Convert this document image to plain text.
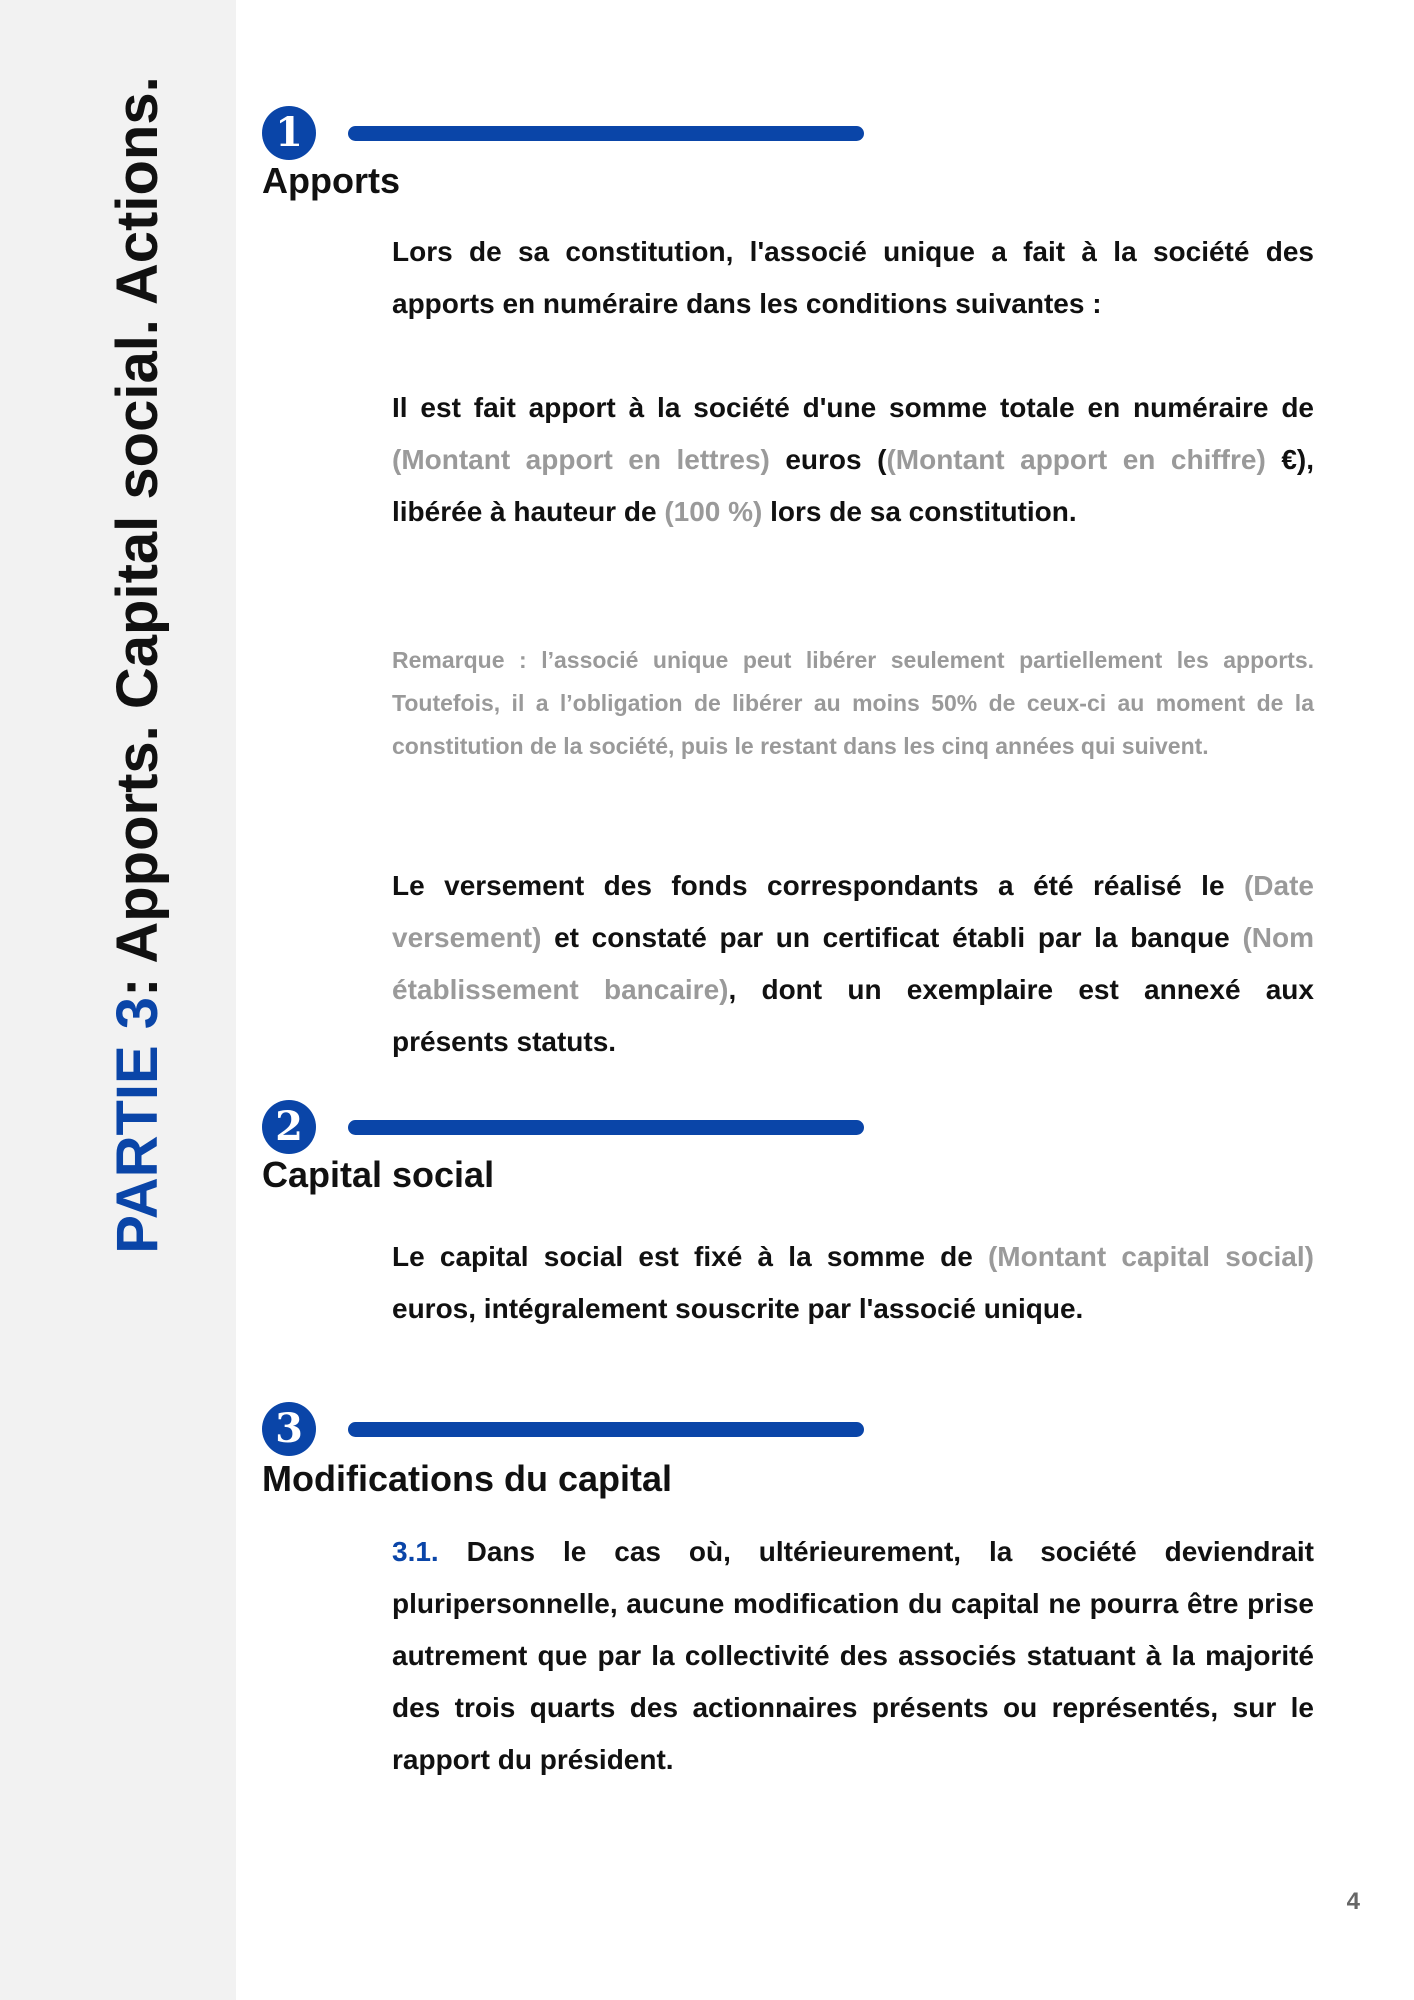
PARTIE 3
: Apports. Capital social. Actions.	1
Apports
Lors de sa constitution, l'associé unique a fait à la société des apports en numéraire dans les conditions suivantes :
Il est fait apport à la société d'une somme totale en numéraire de (Montant apport en lettres) euros ((Montant apport en chiffre) €), libérée à hauteur de (100 %) lors de sa constitution.
Remarque : l’associé unique peut libérer seulement partiellement les apports. Toutefois, il a l’obligation de libérer au moins 50% de ceux-ci au moment de la constitution de la société, puis le restant dans les cinq années qui suivent.
Le versement des fonds correspondants a été réalisé le (Date versement) et constaté par un certificat établi par la banque (Nom établissement bancaire), dont un exemplaire est annexé aux présents statuts.
2
Capital social
Le capital social est fixé à la somme de (Montant capital social) euros, intégralement souscrite par l'associé unique.
3
Modifications du capital
3.1. Dans le cas où, ultérieurement, la société deviendrait pluripersonnelle, aucune modification du capital ne pourra être prise autrement que par la collectivité des associés statuant à la majorité des trois quarts des actionnaires présents ou représentés, sur le rapport du président.
4
